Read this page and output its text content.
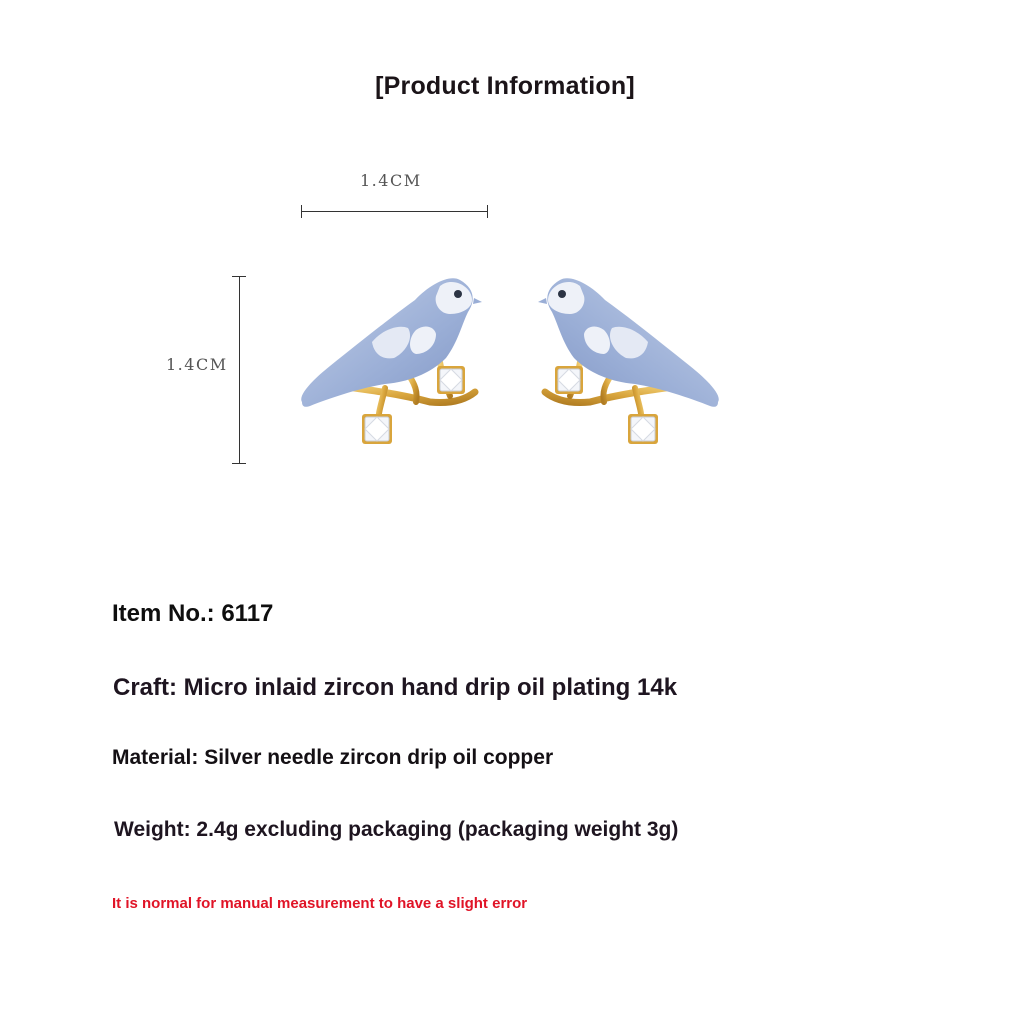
[Product Information]
1.4CM
1.4CM
Item No.: 6117
Craft: Micro inlaid zircon hand drip oil plating 14k
Material: Silver needle zircon drip oil copper
Weight: 2.4g excluding packaging (packaging weight 3g)
It is normal for manual measurement to have a slight error
